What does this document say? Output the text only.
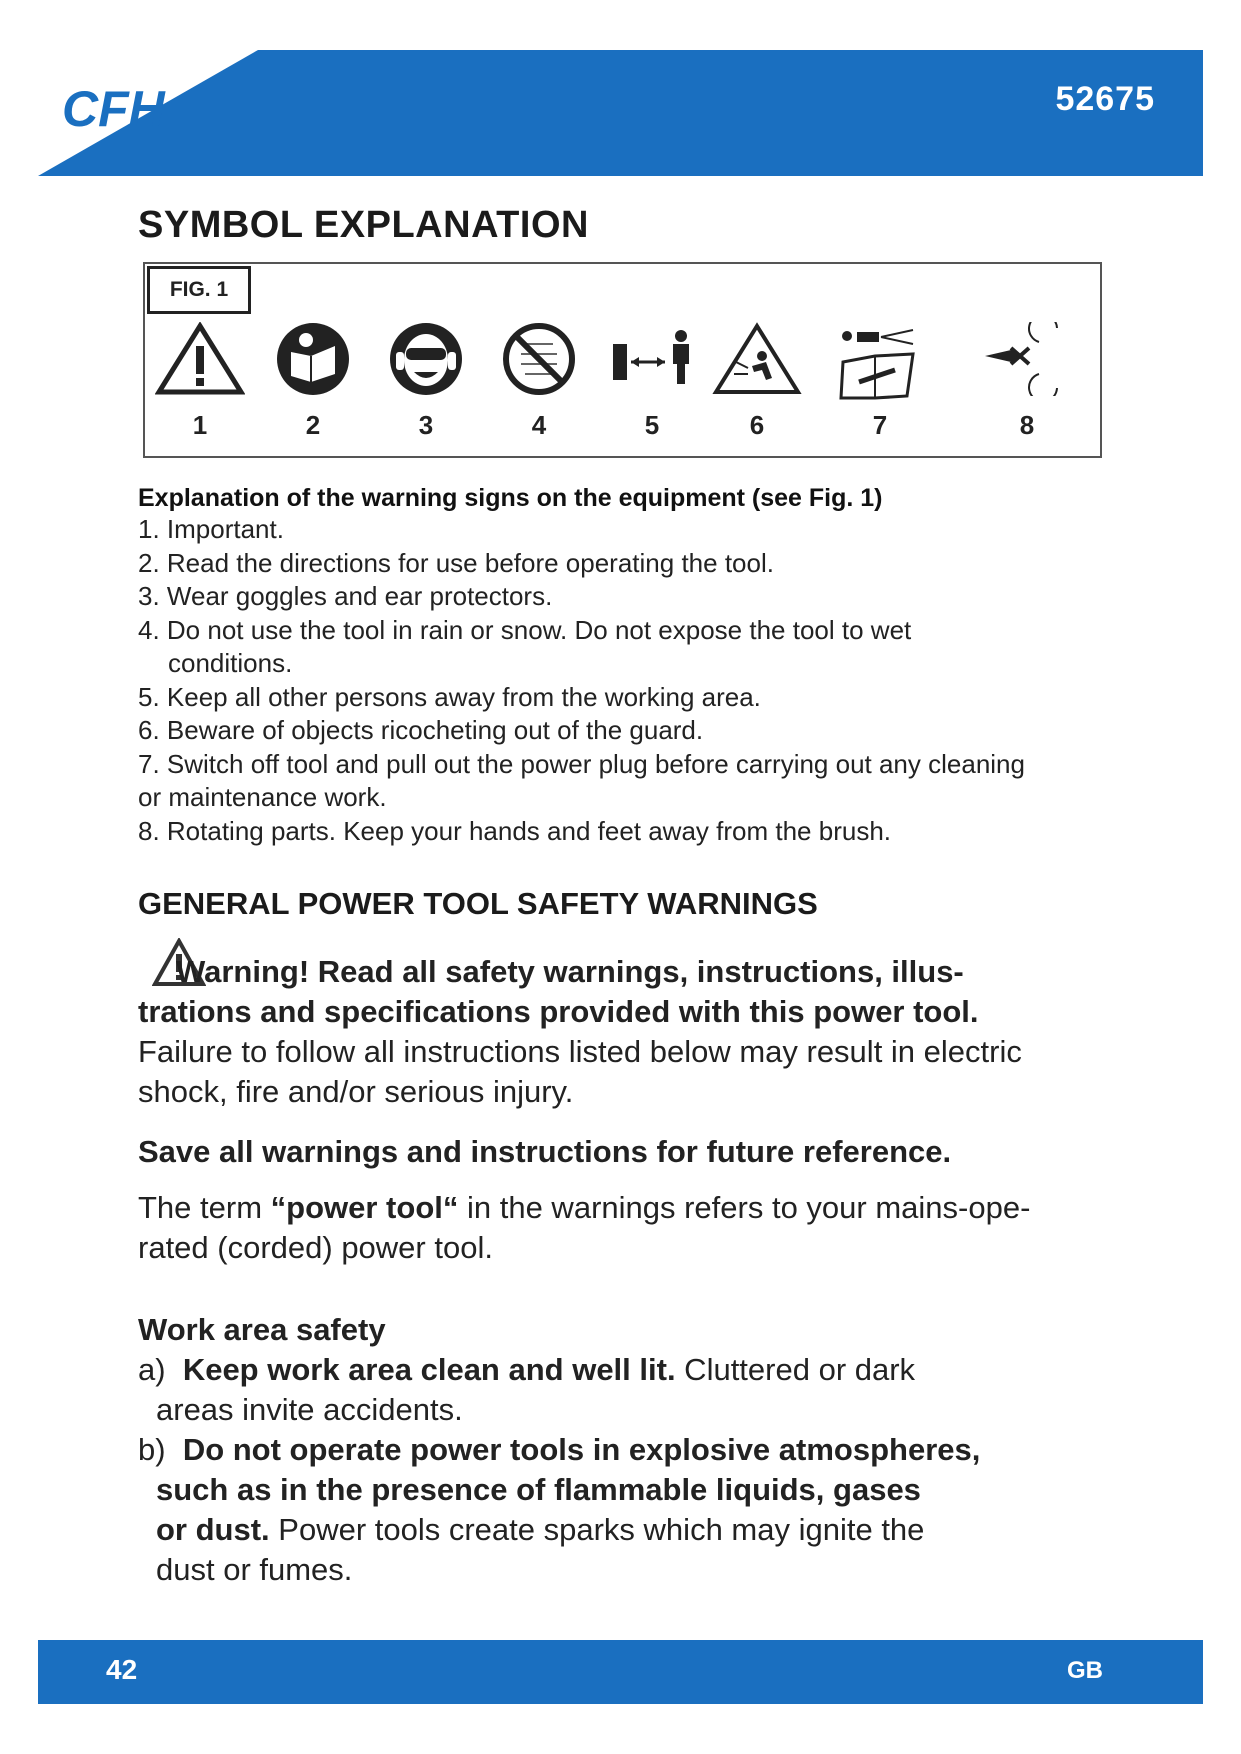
CFH	52675
SYMBOL EXPLANATION
FIG. 1
1	2	3	4	5	6	7	8
Explanation of the warning signs on the equipment (see Fig. 1)
1. Important.
2. Read the directions for use before operating the tool.
3. Wear goggles and ear protectors.
4. Do not use the tool in rain or snow. Do not expose the tool to wet
conditions.
5. Keep all other persons away from the working area.
6. Beware of objects ricocheting out of the guard.
7. Switch off tool and pull out the power plug before carrying out any cleaning
or maintenance work.
8. Rotating parts. Keep your hands and feet away from the brush.
GENERAL POWER TOOL SAFETY WARNINGS
Warning! Read all safety warnings, instructions, illus-
trations and specifications provided with this power tool.
Failure to follow all instructions listed below may result in electric
shock, fire and/or serious injury.
Save all warnings and instructions for future reference.
The term “power tool“ in the warnings refers to your mains-ope-
rated (corded) power tool.
Work area safety
a) Keep work area clean and well lit. Cluttered or dark
areas invite accidents.
b) Do not operate power tools in explosive atmospheres,
such as in the presence of flammable liquids, gases
or dust. Power tools create sparks which may ignite the
dust or fumes.
42	GB
